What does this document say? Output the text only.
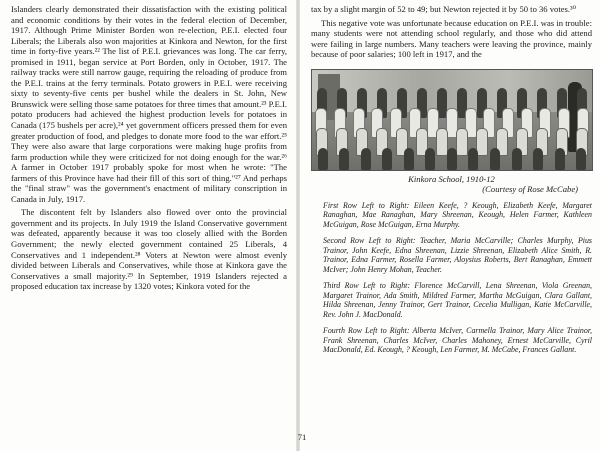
Islanders clearly demonstrated their dissatisfaction with the existing political and economic conditions by their votes in the federal election of December, 1917. Although Prime Minister Borden won re-election, P.E.I. elected four Liberals; the Liberals also won majorities at Kinkora and Newton, for the first time in forty-five years.²² The list of P.E.I. grievances was long. The car ferry, promised in 1911, began service at Port Borden, only in October, 1917. The railway tracks were still narrow gauge, requiring the reloading of produce from the P.E.I. trains at the ferry terminals. Potato growers in P.E.I. were receiving sixty to seventy-five cents per bushel while the dealers in St. John, New Brunswick were selling those same potatoes for three times that amount.²³ P.E.I. potato producers had achieved the highest production levels for potatoes in Canada (175 bushels per acre),²⁴ yet government officers pressed them for even greater production of food, and pledges to donate more food to the war effort.²⁵ They were also aware that large corporations were making huge profits from farm production while they were criticized for not doing enough for the war.²⁶ A farmer in October 1917 probably spoke for most when he wrote: "The farmers of this Province have had their fill of this sort of thing."²⁷ And perhaps the "final straw" was the government's enactment of military conscription in Canada in July, 1917.

The discontent felt by Islanders also flowed over onto the provincial government and its projects. In July 1919 the Island Conservative government was defeated, apparently because it was too closely allied with the Borden Government; the newly elected government contained 25 Liberals, 4 Conservatives and 1 independent.²⁸ Voters at Newton were almost evenly divided between Liberals and Conservatives, while those at Kinkora gave the Conservatives a small majority.²⁹ In September, 1919 Islanders rejected a proposed education tax increase by 1320 votes; Kinkora voted for the

tax by a slight margin of 52 to 49; but Newton rejected it by 50 to 36 votes.³⁰

This negative vote was unfortunate because education on P.E.I. was in trouble: many students were not attending school regularly, and those who did attend were failing in large numbers. Many teachers were leaving the province, mainly because of poor salaries; 100 left in 1917, and the

Kinkora School, 1910-12
(Courtesy of Rose McCabe)

First Row Left to Right: Eileen Keefe, ? Keough, Elizabeth Keefe, Margaret Ranaghan, Mae Ranaghan, Mary Shreenan, Keough, Helen Farmer, Kathleen McGuigan, Rose McGuigan, Erna Murphy.

Second Row Left to Right: Teacher, Maria McCarville; Charles Murphy, Pius Trainor, John Keefe, Edna Shreenan, Lizzie Shreenan, Elizabeth Alice Smith, R. Trainor, Edna Farmer, Rosella Farmer, Aloysius Roberts, Bert Ranaghan, Emmett McIver; John Henry Mohan, Teacher.

Third Row Left to Right: Florence McCarvill, Lena Shreenan, Viola Greenan, Margaret Trainor, Ada Smith, Mildred Farmer, Martha McGuigan, Clara Gallant, Hilda Shreenan, Jenny Trainor, Gert Trainor, Cecelia Mulligan, Katie McCarville, Rev. John J. MacDonald.

Fourth Row Left to Right: Alberta McIver, Carmella Trainor, Mary Alice Trainor, Frank Shreenan, Charles McIver, Charles Mahoney, Ernest McCarville, Cyril MacDonald, Ed. Keough, ? Keough, Len Farmer, M. McCabe, Frances Gallant.

71
